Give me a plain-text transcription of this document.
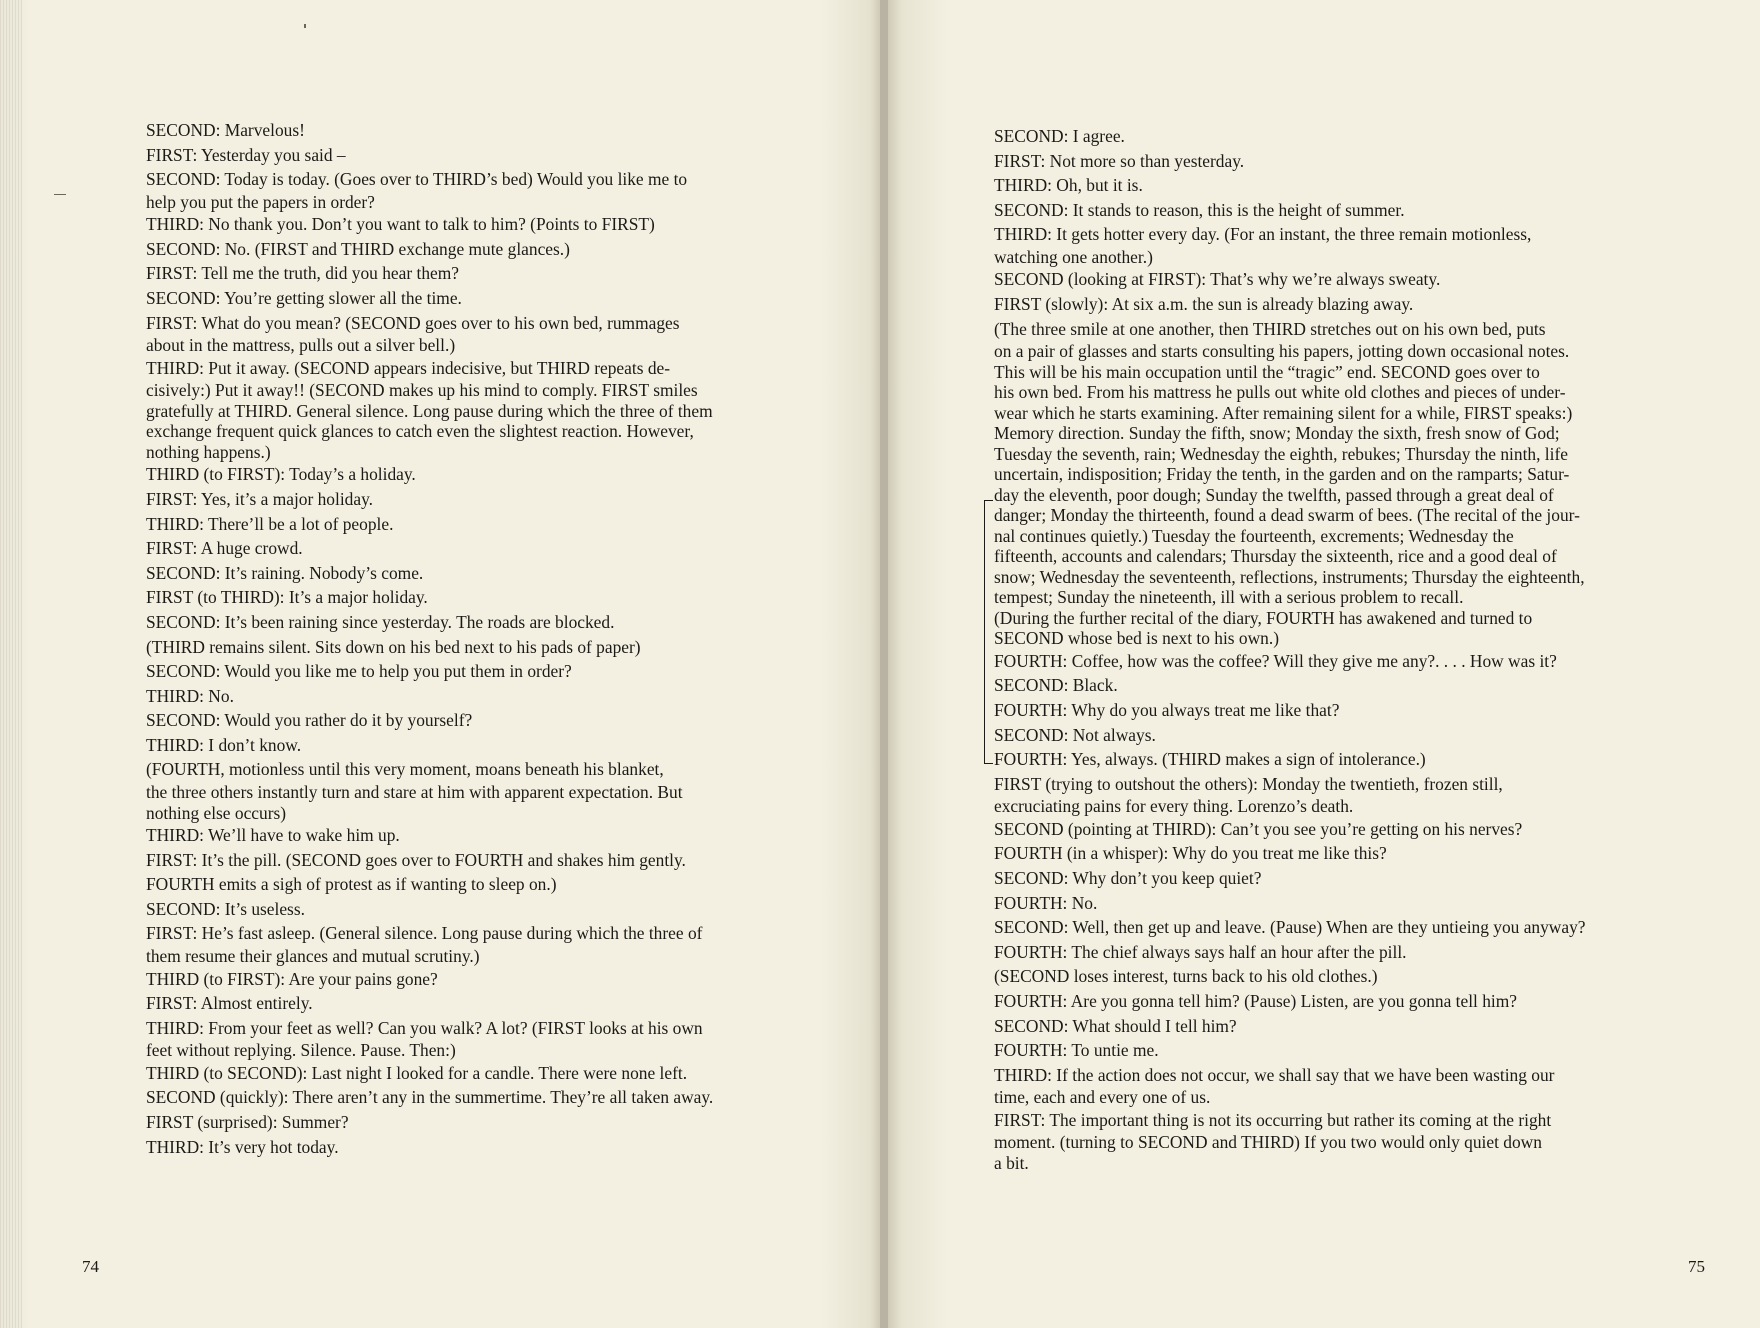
SECOND: Marvelous!
FIRST: Yesterday you said –
SECOND: Today is today. (Goes over to THIRD’s bed) Would you like me to
help you put the papers in order?
THIRD: No thank you. Don’t you want to talk to him? (Points to FIRST)
SECOND: No. (FIRST and THIRD exchange mute glances.)
FIRST: Tell me the truth, did you hear them?
SECOND: You’re getting slower all the time.
FIRST: What do you mean? (SECOND goes over to his own bed, rummages
about in the mattress, pulls out a silver bell.)
THIRD: Put it away. (SECOND appears indecisive, but THIRD repeats de-
cisively:) Put it away!! (SECOND makes up his mind to comply. FIRST smiles
gratefully at THIRD. General silence. Long pause during which the three of them
exchange frequent quick glances to catch even the slightest reaction. However,
nothing happens.)
THIRD (to FIRST): Today’s a holiday.
FIRST: Yes, it’s a major holiday.
THIRD: There’ll be a lot of people.
FIRST: A huge crowd.
SECOND: It’s raining. Nobody’s come.
FIRST (to THIRD): It’s a major holiday.
SECOND: It’s been raining since yesterday. The roads are blocked.
(THIRD remains silent. Sits down on his bed next to his pads of paper)
SECOND: Would you like me to help you put them in order?
THIRD: No.
SECOND: Would you rather do it by yourself?
THIRD: I don’t know.
(FOURTH, motionless until this very moment, moans beneath his blanket,
the three others instantly turn and stare at him with apparent expectation. But
nothing else occurs)
THIRD: We’ll have to wake him up.
FIRST: It’s the pill. (SECOND goes over to FOURTH and shakes him gently.
FOURTH emits a sigh of protest as if wanting to sleep on.)
SECOND: It’s useless.
FIRST: He’s fast asleep. (General silence. Long pause during which the three of
them resume their glances and mutual scrutiny.)
THIRD (to FIRST): Are your pains gone?
FIRST: Almost entirely.
THIRD: From your feet as well? Can you walk? A lot? (FIRST looks at his own
feet without replying. Silence. Pause. Then:)
THIRD (to SECOND): Last night I looked for a candle. There were none left.
SECOND (quickly): There aren’t any in the summertime. They’re all taken away.
FIRST (surprised): Summer?
THIRD: It’s very hot today.
74
SECOND: I agree.
FIRST: Not more so than yesterday.
THIRD: Oh, but it is.
SECOND: It stands to reason, this is the height of summer.
THIRD: It gets hotter every day. (For an instant, the three remain motionless,
watching one another.)
SECOND (looking at FIRST): That’s why we’re always sweaty.
FIRST (slowly): At six a.m. the sun is already blazing away.
(The three smile at one another, then THIRD stretches out on his own bed, puts
on a pair of glasses and starts consulting his papers, jotting down occasional notes.
This will be his main occupation until the “tragic” end. SECOND goes over to
his own bed. From his mattress he pulls out white old clothes and pieces of under-
wear which he starts examining. After remaining silent for a while, FIRST speaks:)
Memory direction. Sunday the fifth, snow; Monday the sixth, fresh snow of God;
Tuesday the seventh, rain; Wednesday the eighth, rebukes; Thursday the ninth, life
uncertain, indisposition; Friday the tenth, in the garden and on the ramparts; Satur-
day the eleventh, poor dough; Sunday the twelfth, passed through a great deal of
danger; Monday the thirteenth, found a dead swarm of bees. (The recital of the jour-
nal continues quietly.) Tuesday the fourteenth, excrements; Wednesday the
fifteenth, accounts and calendars; Thursday the sixteenth, rice and a good deal of
snow; Wednesday the seventeenth, reflections, instruments; Thursday the eighteenth,
tempest; Sunday the nineteenth, ill with a serious problem to recall.
(During the further recital of the diary, FOURTH has awakened and turned to
SECOND whose bed is next to his own.)
FOURTH: Coffee, how was the coffee? Will they give me any?. . . . How was it?
SECOND: Black.
FOURTH: Why do you always treat me like that?
SECOND: Not always.
FOURTH: Yes, always. (THIRD makes a sign of intolerance.)
FIRST (trying to outshout the others): Monday the twentieth, frozen still,
excruciating pains for every thing. Lorenzo’s death.
SECOND (pointing at THIRD): Can’t you see you’re getting on his nerves?
FOURTH (in a whisper): Why do you treat me like this?
SECOND: Why don’t you keep quiet?
FOURTH: No.
SECOND: Well, then get up and leave. (Pause) When are they untieing you anyway?
FOURTH: The chief always says half an hour after the pill.
(SECOND loses interest, turns back to his old clothes.)
FOURTH: Are you gonna tell him? (Pause) Listen, are you gonna tell him?
SECOND: What should I tell him?
FOURTH: To untie me.
THIRD: If the action does not occur, we shall say that we have been wasting our
time, each and every one of us.
FIRST: The important thing is not its occurring but rather its coming at the right
moment. (turning to SECOND and THIRD) If you two would only quiet down
a bit.
75
